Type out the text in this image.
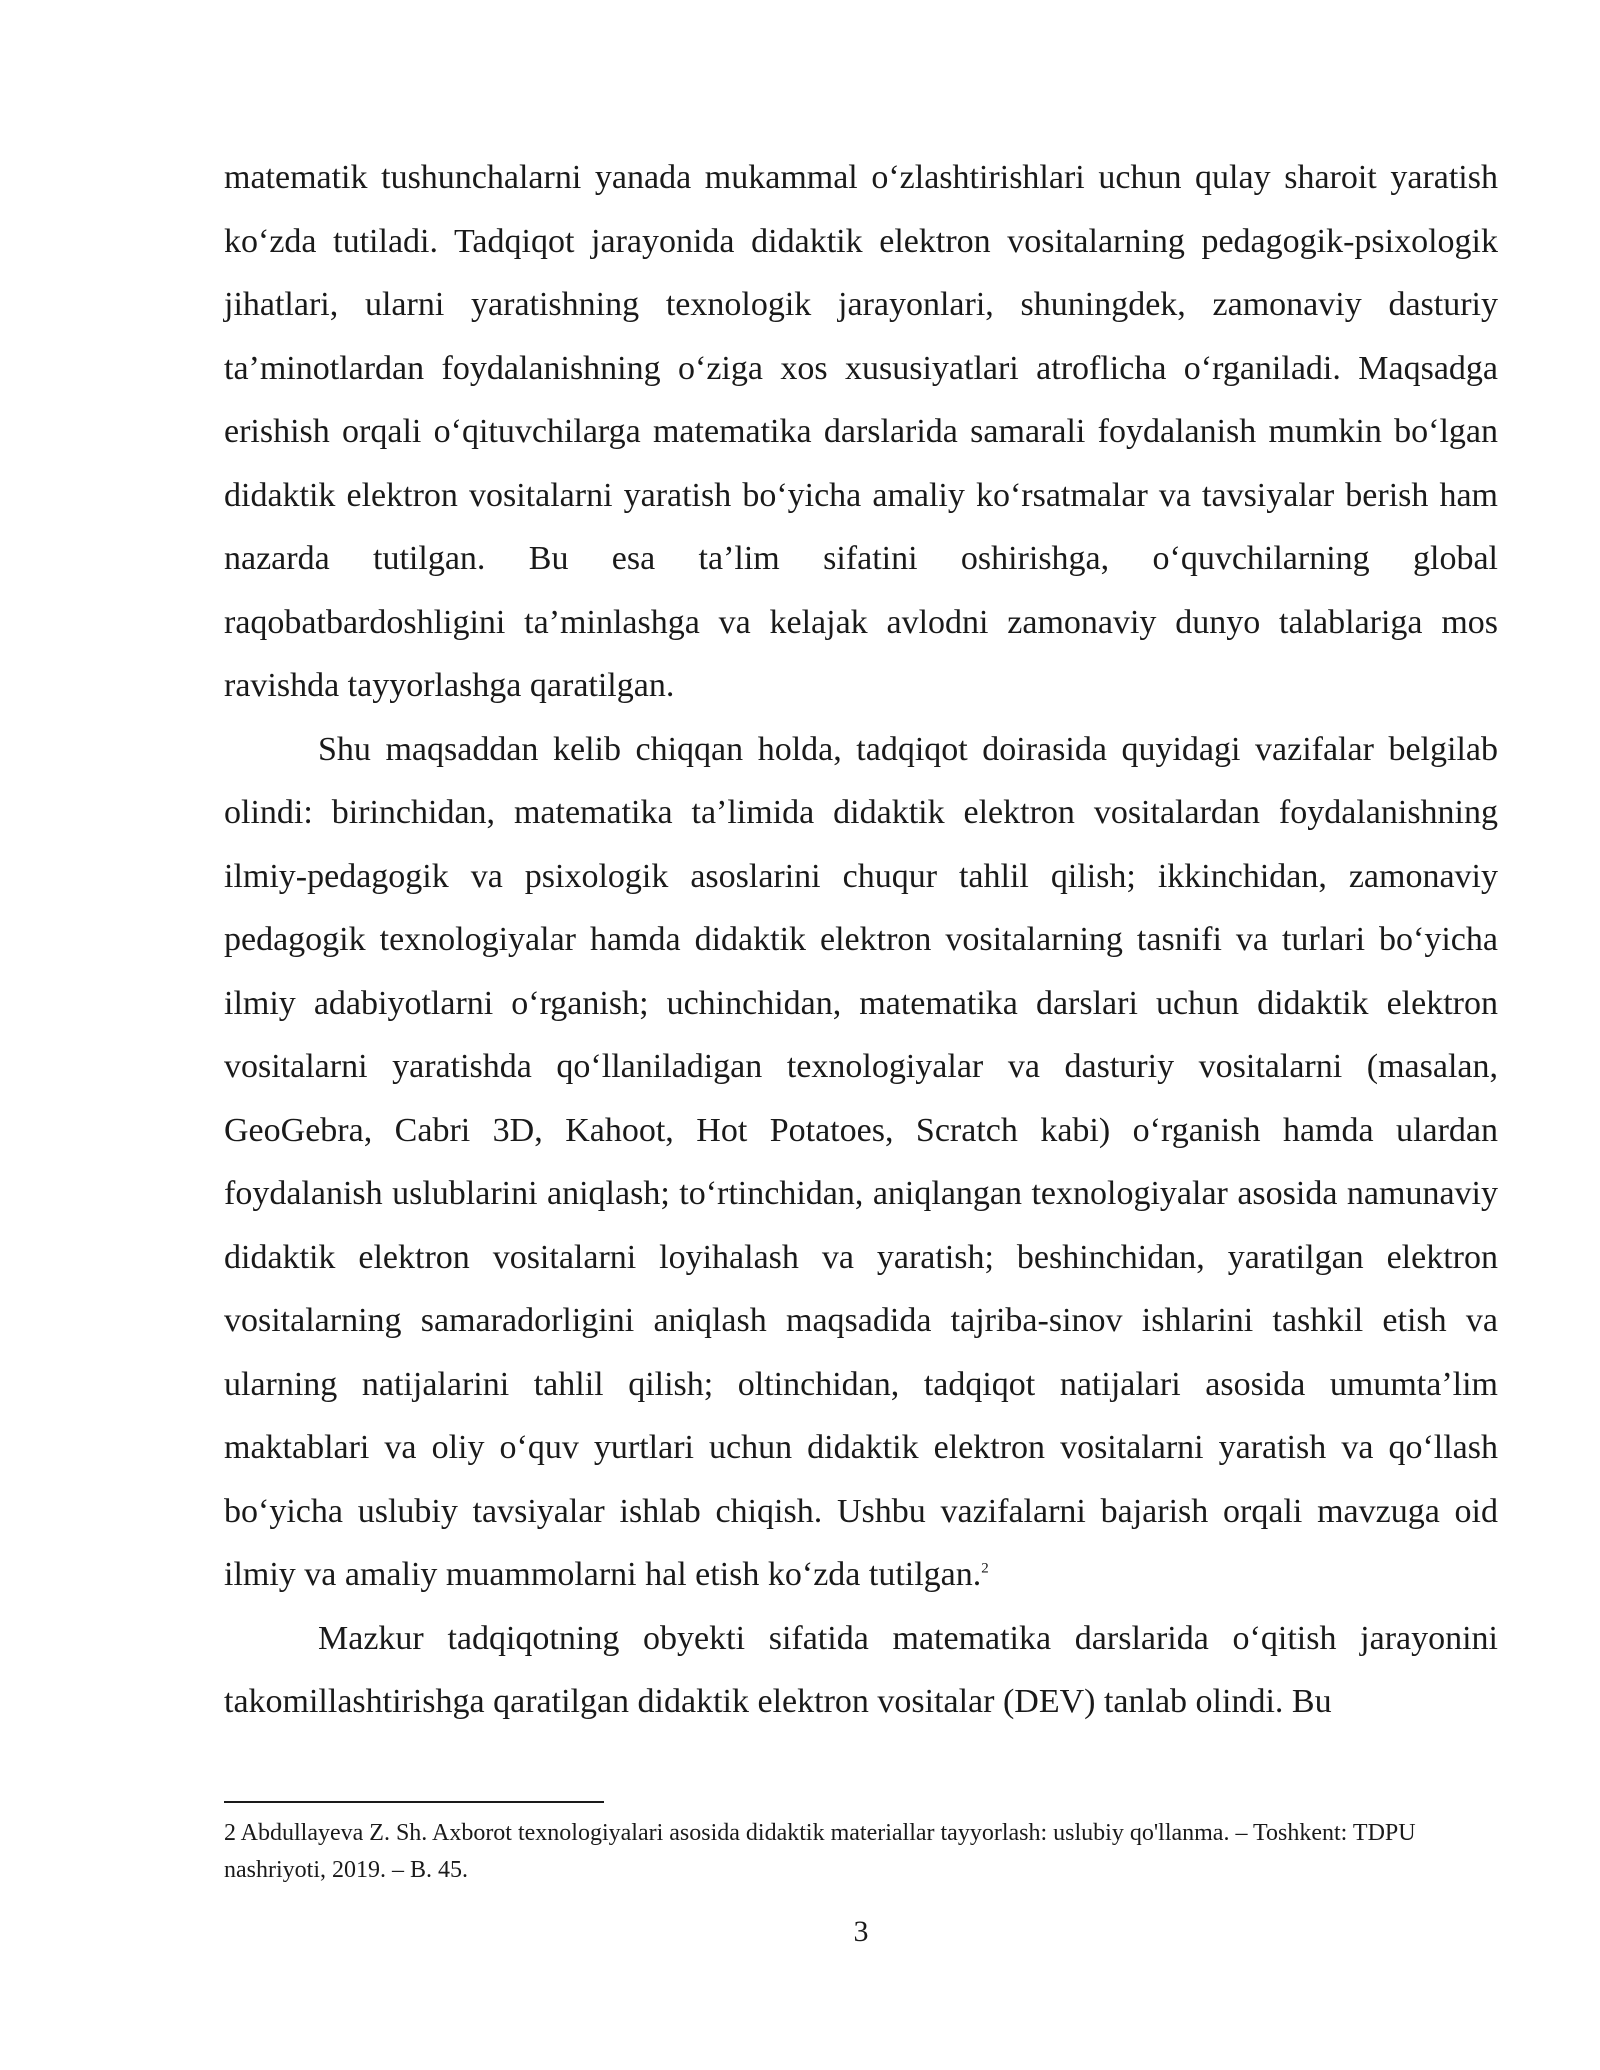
matematik tushunchalarni yanada mukammal o‘zlashtirishlari uchun qulay sharoit yaratish ko‘zda tutiladi. Tadqiqot jarayonida didaktik elektron vositalarning pedagogik-psixologik jihatlari, ularni yaratishning texnologik jarayonlari, shuningdek, zamonaviy dasturiy ta’minotlardan foydalanishning o‘ziga xos xususiyatlari atroflicha o‘rganiladi. Maqsadga erishish orqali o‘qituvchilarga matematika darslarida samarali foydalanish mumkin bo‘lgan didaktik elektron vositalarni yaratish bo‘yicha amaliy ko‘rsatmalar va tavsiyalar berish ham nazarda tutilgan. Bu esa ta’lim sifatini oshirishga, o‘quvchilarning global raqobatbardoshligini ta’minlashga va kelajak avlodni zamonaviy dunyo talablariga mos ravishda tayyorlashga qaratilgan.

Shu maqsaddan kelib chiqqan holda, tadqiqot doirasida quyidagi vazifalar belgilab olindi: birinchidan, matematika ta’limida didaktik elektron vositalardan foydalanishning ilmiy-pedagogik va psixologik asoslarini chuqur tahlil qilish; ikkinchidan, zamonaviy pedagogik texnologiyalar hamda didaktik elektron vositalarning tasnifi va turlari bo‘yicha ilmiy adabiyotlarni o‘rganish; uchinchidan, matematika darslari uchun didaktik elektron vositalarni yaratishda qo‘llaniladigan texnologiyalar va dasturiy vositalarni (masalan, GeoGebra, Cabri 3D, Kahoot, Hot Potatoes, Scratch kabi) o‘rganish hamda ulardan foydalanish uslublarini aniqlash; to‘rtinchidan, aniqlangan texnologiyalar asosida namunaviy didaktik elektron vositalarni loyihalash va yaratish; beshinchidan, yaratilgan elektron vositalarning samaradorligini aniqlash maqsadida tajriba-sinov ishlarini tashkil etish va ularning natijalarini tahlil qilish; oltinchidan, tadqiqot natijalari asosida umumta’lim maktablari va oliy o‘quv yurtlari uchun didaktik elektron vositalarni yaratish va qo‘llash bo‘yicha uslubiy tavsiyalar ishlab chiqish. Ushbu vazifalarni bajarish orqali mavzuga oid ilmiy va amaliy muammolarni hal etish ko‘zda tutilgan.$^2$

Mazkur tadqiqotning obyekti sifatida matematika darslarida o‘qitish jarayonini takomillashtirishga qaratilgan didaktik elektron vositalar (DEV) tanlab olindi. Bu

2 Abdullayeva Z. Sh. Axborot texnologiyalari asosida didaktik materiallar tayyorlash: uslubiy qo'llanma. – Toshkent: TDPU nashriyoti, 2019. – B. 45.

3
